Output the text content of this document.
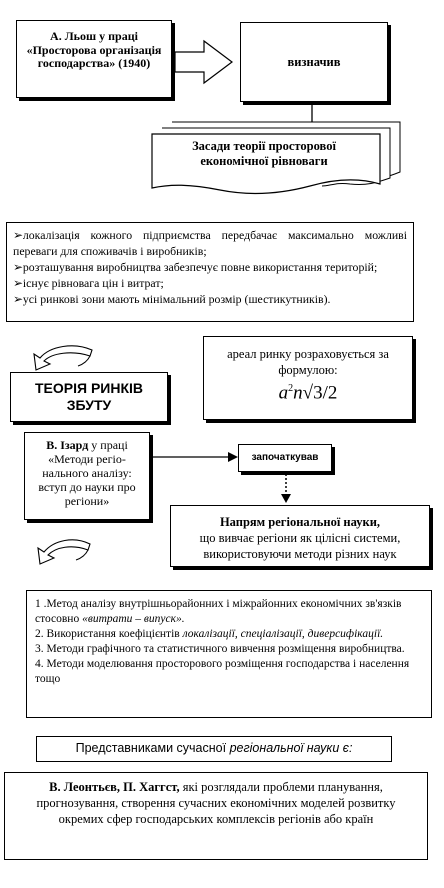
А. Льош у праці «Просторова організація господарства» (1940)	визначив
Засади теорії просторової економічної рівноваги

➢локалізація кожного підприємства передбачає максимально можливі переваги для споживачів і виробників;

➢розташування виробництва забезпечує повне використання територій;

➢існує рівновага цін і витрат;

➢усі ринкові зони мають мінімальний розмір (шестикутників).

ТЕОРІЯ РИНКІВ ЗБУТУ
ареал ринку розраховується за формулою:
$a^2n√3/2$
В. Ізард у праці «Методи регіо-нального аналізу: вступ до науки про регіони»
започаткував
Напрям регіональної науки,
що вивчає регіони як цілісні системи, використовуючи методи різних наук
1 .Метод аналізу внутрішньорайонних і міжрайонних економічних зв'язків стосовно «витрати – випуск».
2. Використання коефіцієнтів локалізації, спеціалізації, диверсифікації.
3. Методи графічного та статистичного вивчення розміщення виробництва.
4. Методи моделювання просторового розміщення господарства і населення тощо
Представниками сучасної регіональної науки є:
В. Леонтьєв, П. Хаггст, які розглядали проблеми планування, прогнозування, створення сучасних економічних моделей розвитку окремих сфер господарських комплексів регіонів або країн
